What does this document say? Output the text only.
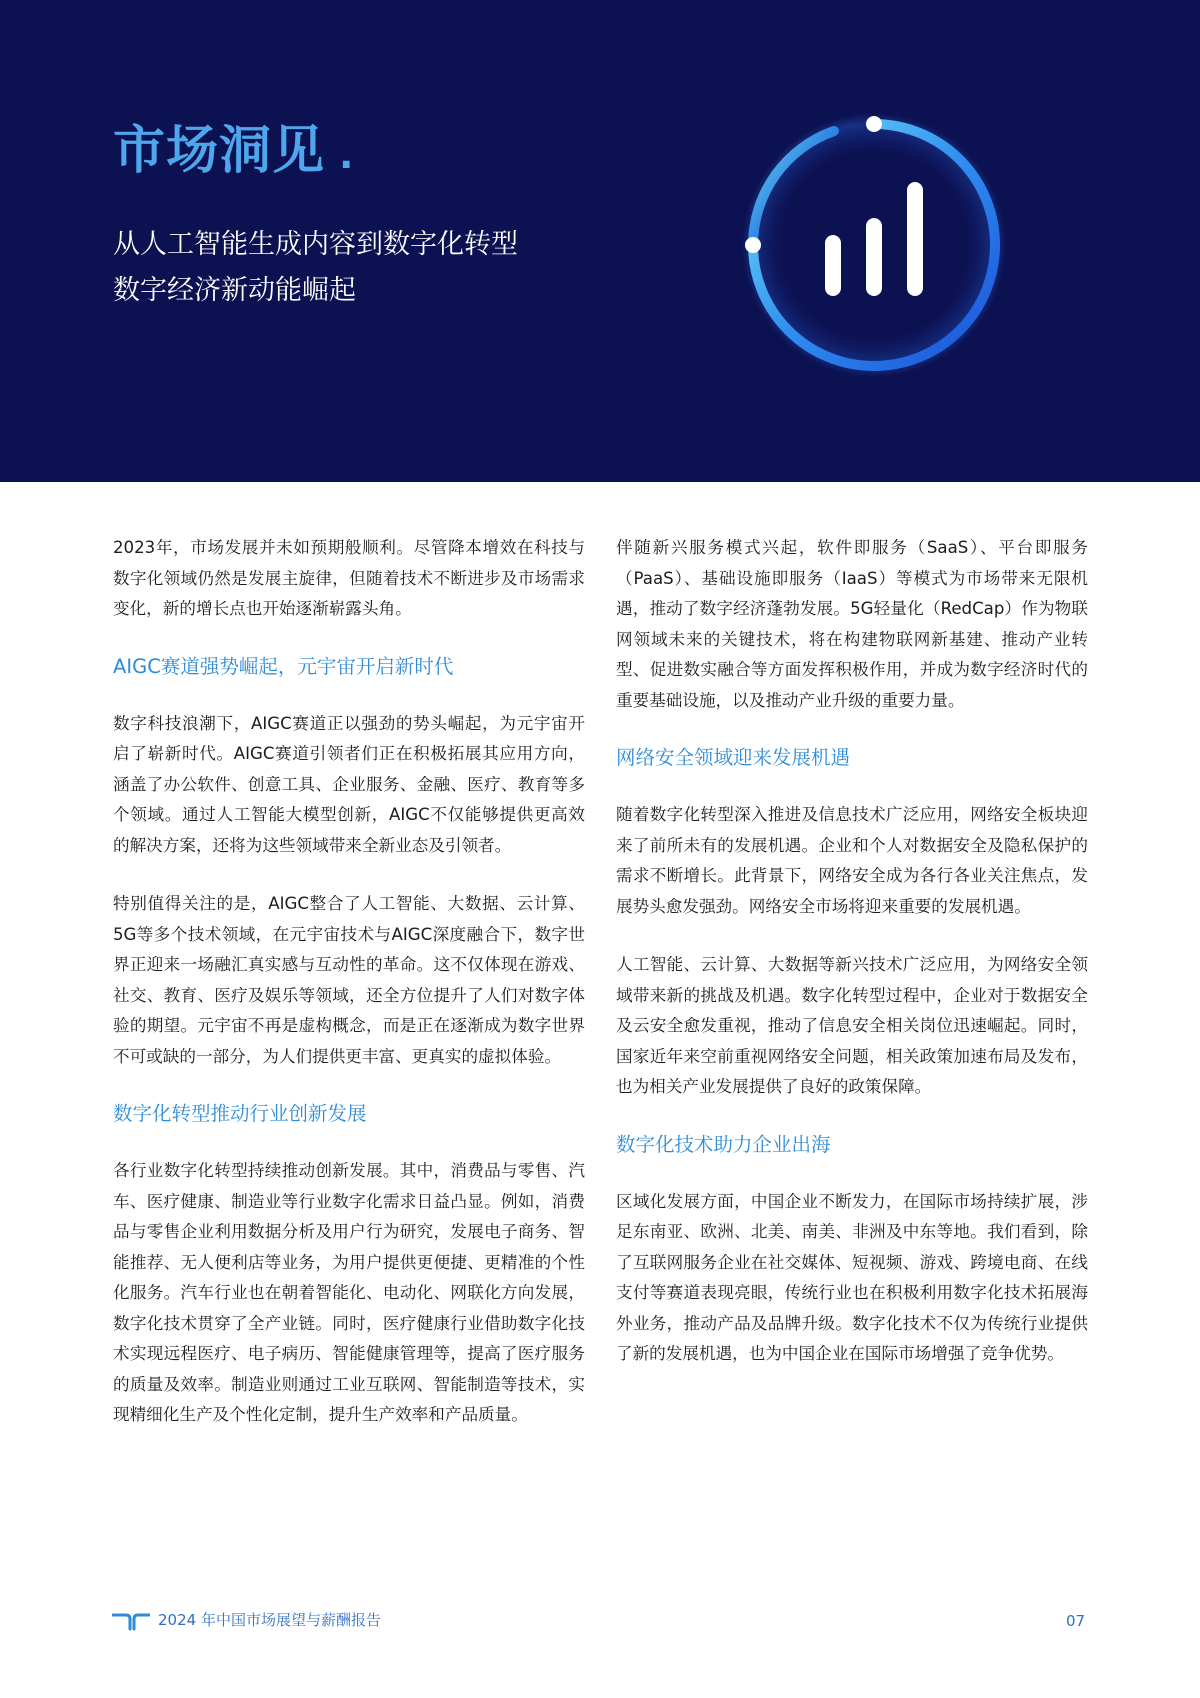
市场洞见 .
从人工智能生成内容到数字化转型
数字经济新动能崛起

2023年，市场发展并未如预期般顺利。尽管降本增效在科技与数字化领域仍然是发展主旋律，但随着技术不断进步及市场需求变化，新的增长点也开始逐渐崭露头角。

AIGC赛道强势崛起，元宇宙开启新时代

数字科技浪潮下，AIGC赛道正以强劲的势头崛起，为元宇宙开启了崭新时代。AIGC赛道引领者们正在积极拓展其应用方向，涵盖了办公软件、创意工具、企业服务、金融、医疗、教育等多个领域。通过人工智能大模型创新，AIGC不仅能够提供更高效的解决方案，还将为这些领域带来全新业态及引领者。

特别值得关注的是，AIGC整合了人工智能、大数据、云计算、5G等多个技术领域，在元宇宙技术与AIGC深度融合下，数字世界正迎来一场融汇真实感与互动性的革命。这不仅体现在游戏、社交、教育、医疗及娱乐等领域，还全方位提升了人们对数字体验的期望。元宇宙不再是虚构概念，而是正在逐渐成为数字世界不可或缺的一部分，为人们提供更丰富、更真实的虚拟体验。

数字化转型推动行业创新发展

各行业数字化转型持续推动创新发展。其中，消费品与零售、汽车、医疗健康、制造业等行业数字化需求日益凸显。例如，消费品与零售企业利用数据分析及用户行为研究，发展电子商务、智能推荐、无人便利店等业务，为用户提供更便捷、更精准的个性化服务。汽车行业也在朝着智能化、电动化、网联化方向发展，数字化技术贯穿了全产业链。同时，医疗健康行业借助数字化技术实现远程医疗、电子病历、智能健康管理等，提高了医疗服务的质量及效率。制造业则通过工业互联网、智能制造等技术，实现精细化生产及个性化定制，提升生产效率和产品质量。

伴随新兴服务模式兴起，软件即服务（SaaS）、平台即服务（PaaS）、基础设施即服务（IaaS）等模式为市场带来无限机遇，推动了数字经济蓬勃发展。5G轻量化（RedCap）作为物联网领域未来的关键技术，将在构建物联网新基建、推动产业转型、促进数实融合等方面发挥积极作用，并成为数字经济时代的重要基础设施，以及推动产业升级的重要力量。

网络安全领域迎来发展机遇

随着数字化转型深入推进及信息技术广泛应用，网络安全板块迎来了前所未有的发展机遇。企业和个人对数据安全及隐私保护的需求不断增长。此背景下，网络安全成为各行各业关注焦点，发展势头愈发强劲。网络安全市场将迎来重要的发展机遇。

人工智能、云计算、大数据等新兴技术广泛应用，为网络安全领域带来新的挑战及机遇。数字化转型过程中，企业对于数据安全及云安全愈发重视，推动了信息安全相关岗位迅速崛起。同时，国家近年来空前重视网络安全问题，相关政策加速布局及发布，也为相关产业发展提供了良好的政策保障。

数字化技术助力企业出海

区域化发展方面，中国企业不断发力，在国际市场持续扩展，涉足东南亚、欧洲、北美、南美、非洲及中东等地。我们看到，除了互联网服务企业在社交媒体、短视频、游戏、跨境电商、在线支付等赛道表现亮眼，传统行业也在积极利用数字化技术拓展海外业务，推动产品及品牌升级。数字化技术不仅为传统行业提供了新的发展机遇，也为中国企业在国际市场增强了竞争优势。

2024 年中国市场展望与薪酬报告	07
